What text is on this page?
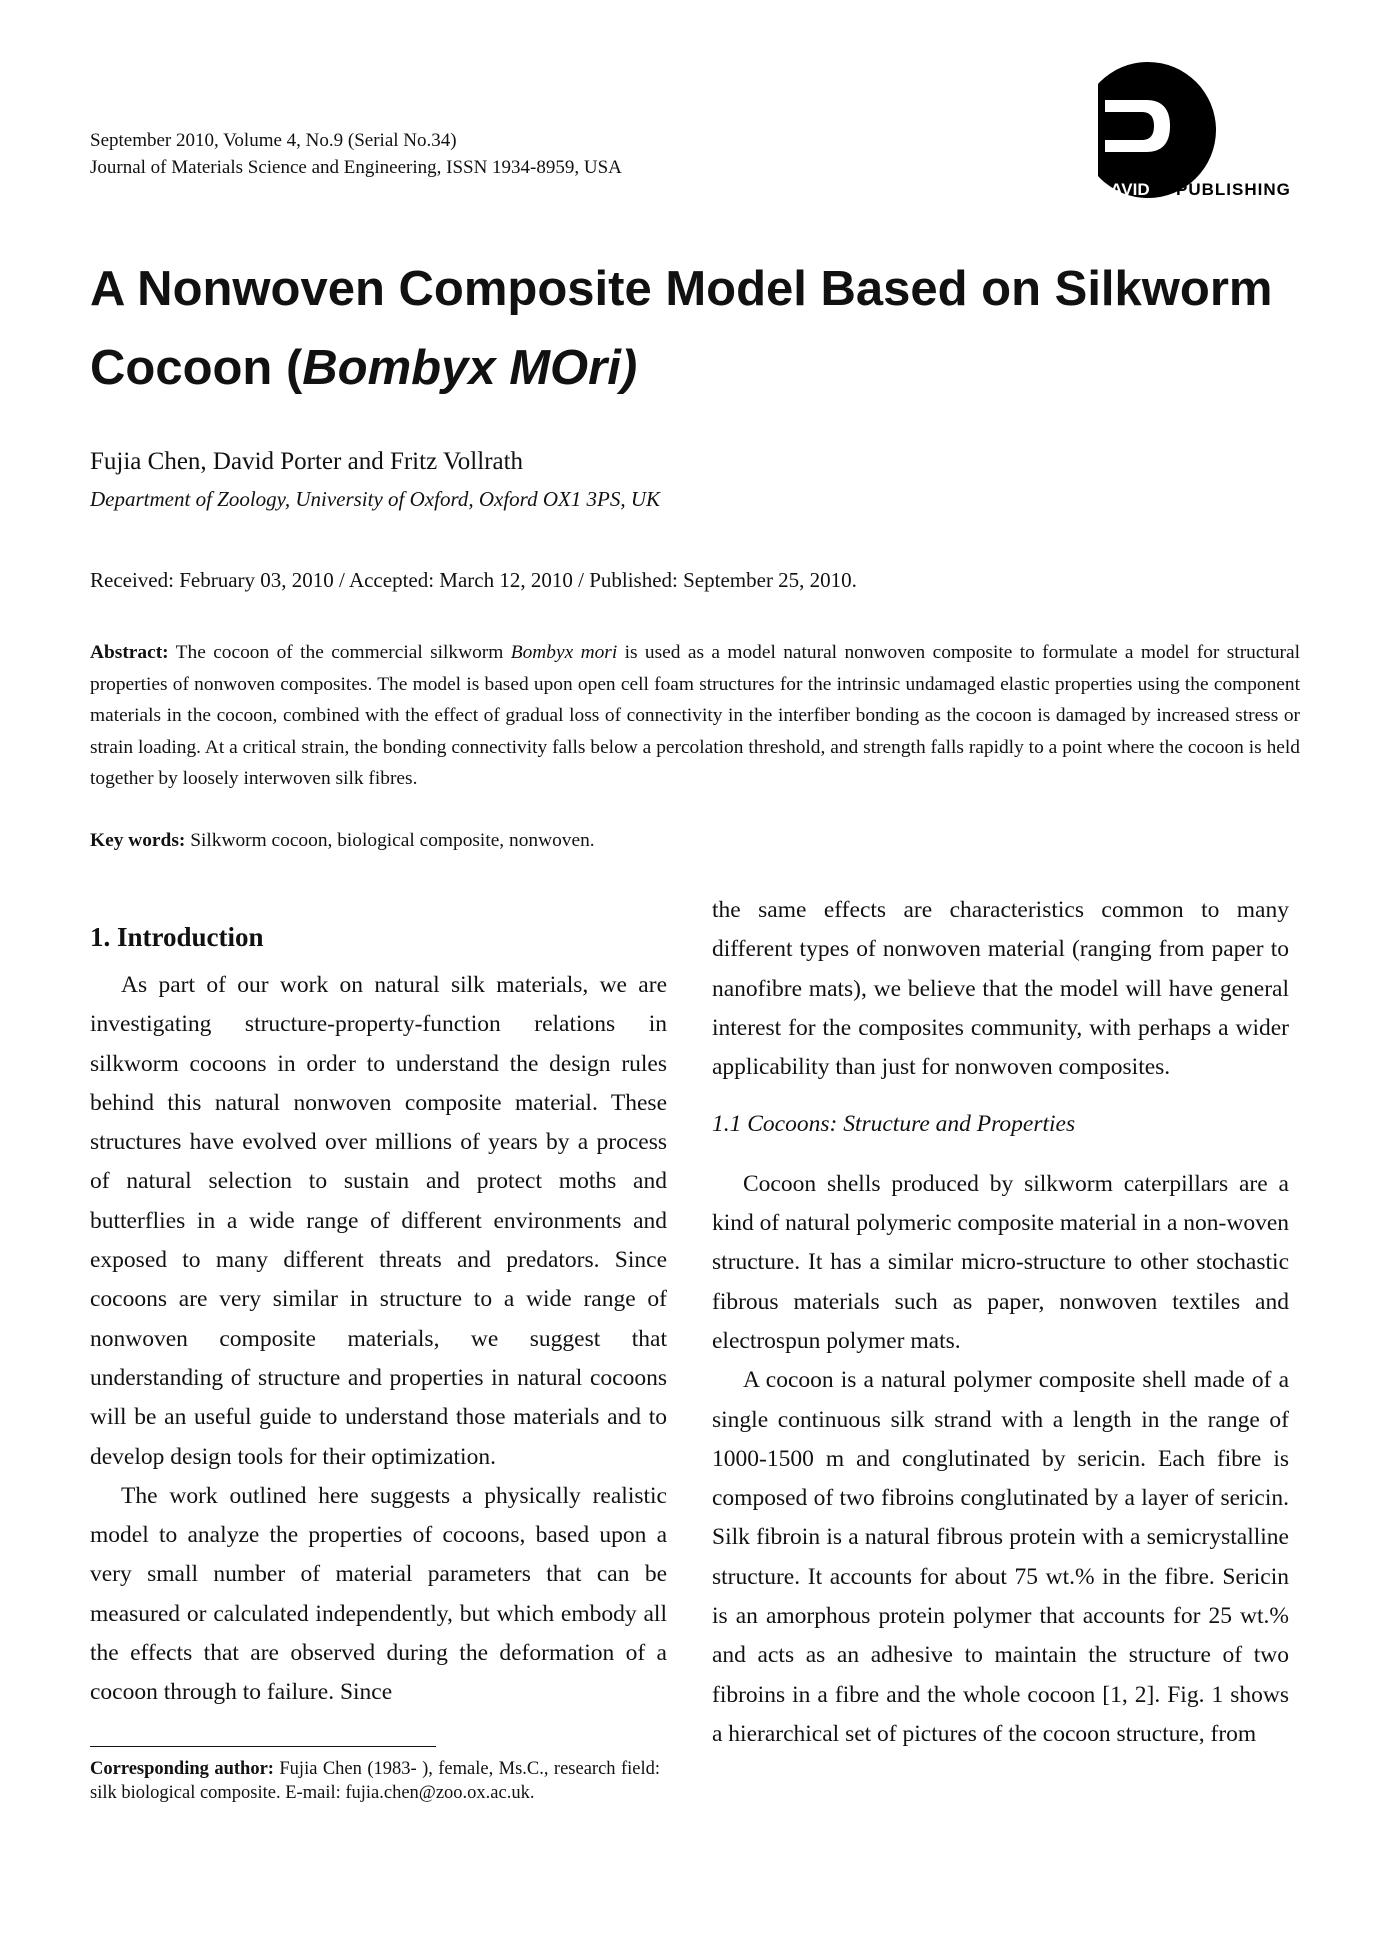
September 2010, Volume 4, No.9 (Serial No.34)
Journal of Materials Science and Engineering, ISSN 1934-8959, USA
DAVID PUBLISHING
A Nonwoven Composite Model Based on Silkworm
Cocoon (Bombyx MOri)
Fujia Chen, David Porter and Fritz Vollrath
Department of Zoology, University of Oxford, Oxford OX1 3PS, UK
Received: February 03, 2010 / Accepted: March 12, 2010 / Published: September 25, 2010.
Abstract: The cocoon of the commercial silkworm Bombyx mori is used as a model natural nonwoven composite to formulate a model for structural properties of nonwoven composites. The model is based upon open cell foam structures for the intrinsic undamaged elastic properties using the component materials in the cocoon, combined with the effect of gradual loss of connectivity in the interfiber bonding as the cocoon is damaged by increased stress or strain loading. At a critical strain, the bonding connectivity falls below a percolation threshold, and strength falls rapidly to a point where the cocoon is held together by loosely interwoven silk fibres.
Key words: Silkworm cocoon, biological composite, nonwoven.
1. Introduction

As part of our work on natural silk materials, we are investigating structure-property-function relations in silkworm cocoons in order to understand the design rules behind this natural nonwoven composite material. These structures have evolved over millions of years by a process of natural selection to sustain and protect moths and butterflies in a wide range of different environments and exposed to many different threats and predators. Since cocoons are very similar in structure to a wide range of nonwoven composite materials, we suggest that understanding of structure and properties in natural cocoons will be an useful guide to understand those materials and to develop design tools for their optimization.

The work outlined here suggests a physically realistic model to analyze the properties of cocoons, based upon a very small number of material parameters that can be measured or calculated independently, but which embody all the effects that are observed during the deformation of a cocoon through to failure. Since

the same effects are characteristics common to many different types of nonwoven material (ranging from paper to nanofibre mats), we believe that the model will have general interest for the composites community, with perhaps a wider applicability than just for nonwoven composites.

1.1 Cocoons: Structure and Properties

Cocoon shells produced by silkworm caterpillars are a kind of natural polymeric composite material in a non-woven structure. It has a similar micro-structure to other stochastic fibrous materials such as paper, nonwoven textiles and electrospun polymer mats.

A cocoon is a natural polymer composite shell made of a single continuous silk strand with a length in the range of 1000-1500 m and conglutinated by sericin. Each fibre is composed of two fibroins conglutinated by a layer of sericin. Silk fibroin is a natural fibrous protein with a semicrystalline structure. It accounts for about 75 wt.% in the fibre. Sericin is an amorphous protein polymer that accounts for 25 wt.% and acts as an adhesive to maintain the structure of two fibroins in a fibre and the whole cocoon [1, 2]. Fig. 1 shows a hierarchical set of pictures of the cocoon structure, from

Corresponding author: Fujia Chen (1983- ), female, Ms.C., research field: silk biological composite. E-mail: fujia.chen@zoo.ox.ac.uk.
